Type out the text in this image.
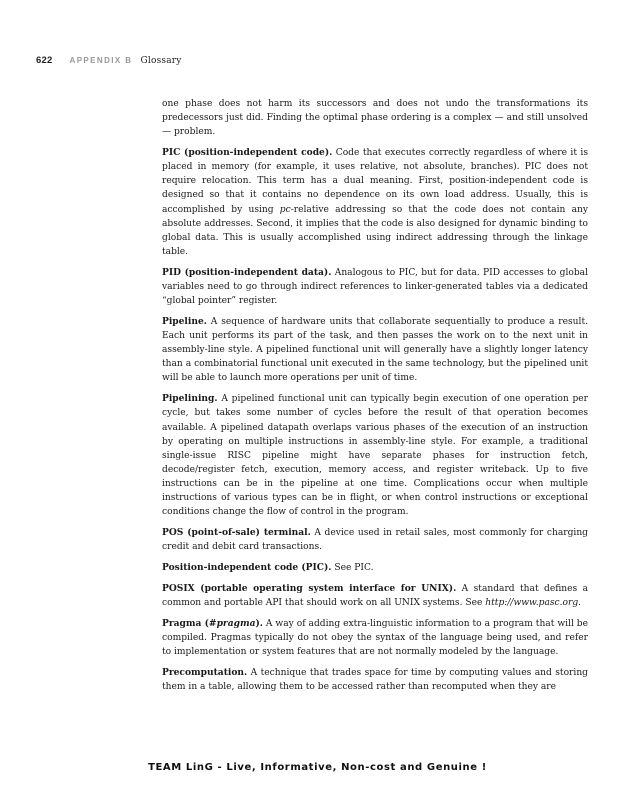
622 APPENDIX B Glossary

one phase does not harm its successors and does not undo the transformations its predecessors just did. Finding the optimal phase ordering is a complex — and still unsolved — problem.

PIC (position-independent code). Code that executes correctly regardless of where it is placed in memory (for example, it uses relative, not absolute, branches). PIC does not require relocation. This term has a dual meaning. First, position-independent code is designed so that it contains no dependence on its own load address. Usually, this is accomplished by using pc-relative addressing so that the code does not contain any absolute addresses. Second, it implies that the code is also designed for dynamic binding to global data. This is usually accomplished using indirect addressing through the linkage table.

PID (position-independent data). Analogous to PIC, but for data. PID accesses to global variables need to go through indirect references to linker-generated tables via a dedicated “global pointer” register.

Pipeline. A sequence of hardware units that collaborate sequentially to produce a result. Each unit performs its part of the task, and then passes the work on to the next unit in assembly-line style. A pipelined functional unit will generally have a slightly longer latency than a combinatorial functional unit executed in the same technology, but the pipelined unit will be able to launch more operations per unit of time.

Pipelining. A pipelined functional unit can typically begin execution of one operation per cycle, but takes some number of cycles before the result of that operation becomes available. A pipelined datapath overlaps various phases of the execution of an instruction by operating on multiple instructions in assembly-line style. For example, a traditional single-issue RISC pipeline might have separate phases for instruction fetch, decode/register fetch, execution, memory access, and register writeback. Up to five instructions can be in the pipeline at one time. Complications occur when multiple instructions of various types can be in flight, or when control instructions or exceptional conditions change the flow of control in the program.

POS (point-of-sale) terminal. A device used in retail sales, most commonly for charging credit and debit card transactions.

Position-independent code (PIC). See PIC.

POSIX (portable operating system interface for UNIX). A standard that defines a common and portable API that should work on all UNIX systems. See http://www.pasc.org.

Pragma (#pragma). A way of adding extra-linguistic information to a program that will be compiled. Pragmas typically do not obey the syntax of the language being used, and refer to implementation or system features that are not normally modeled by the language.

Precomputation. A technique that trades space for time by computing values and storing them in a table, allowing them to be accessed rather than recomputed when they are

TEAM LinG - Live, Informative, Non-cost and Genuine !
